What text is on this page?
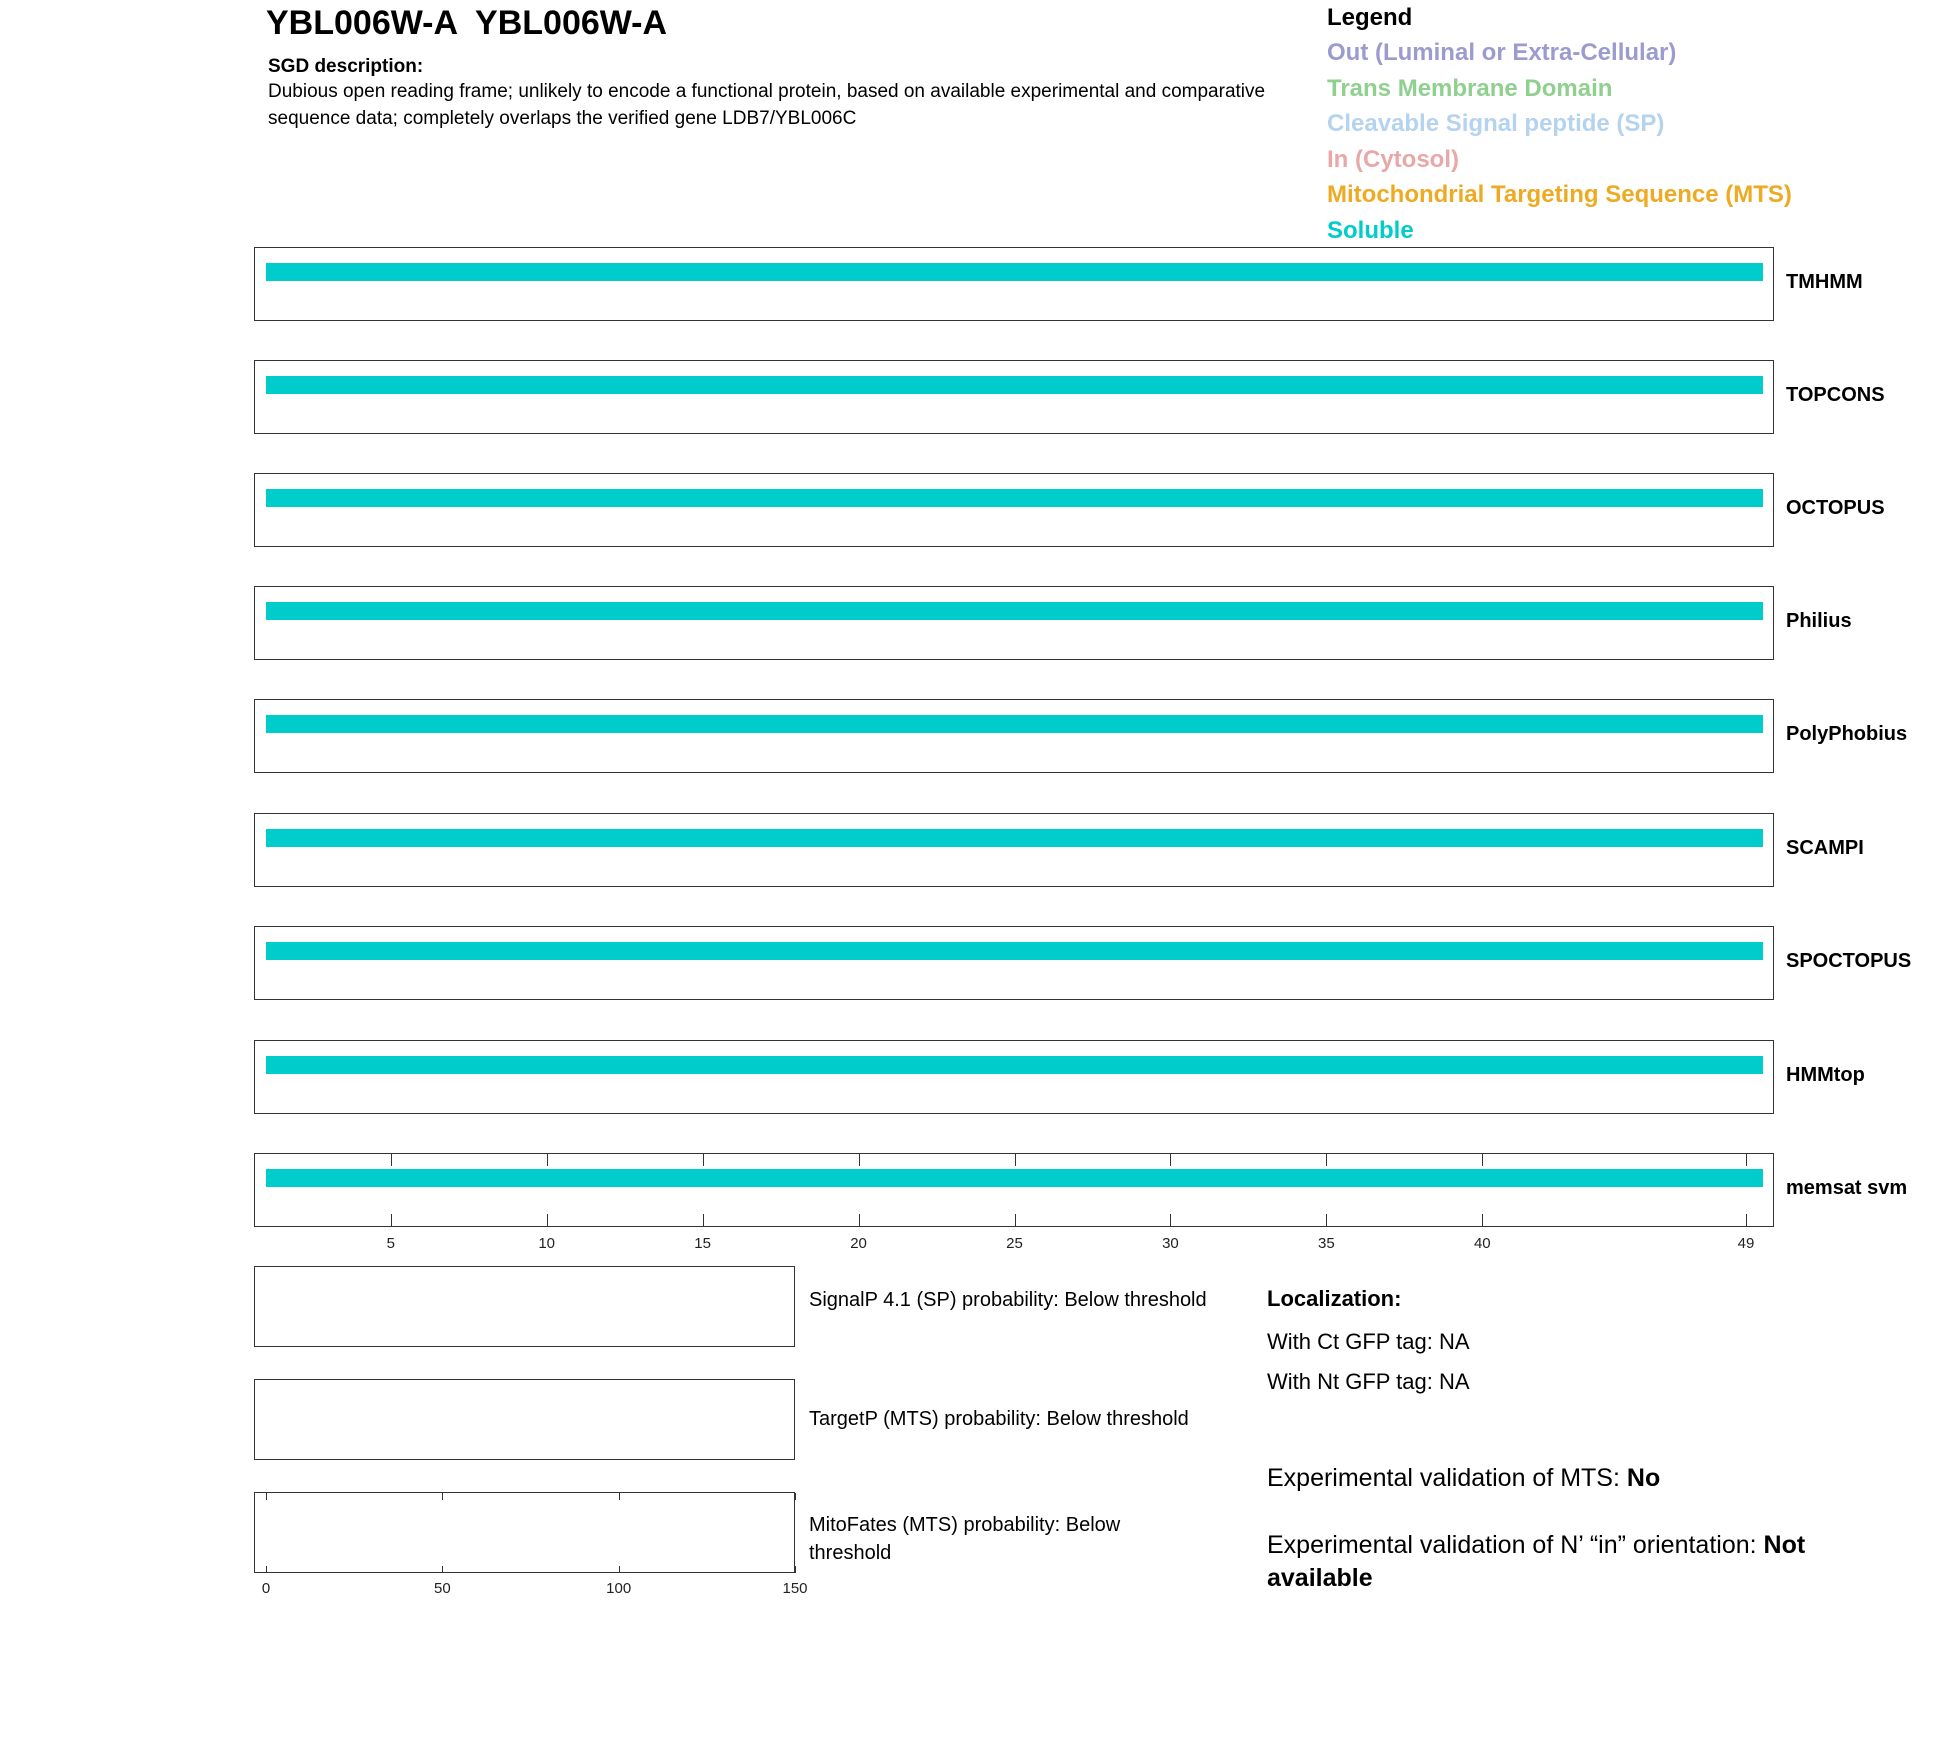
YBL006W-A  YBL006W-A
SGD description:
Dubious open reading frame; unlikely to encode a functional protein, based on available experimental and comparative sequence data; completely overlaps the verified gene LDB7/YBL006C
Legend
Out (Luminal or Extra-Cellular)
Trans Membrane Domain
Cleavable Signal peptide (SP)
In (Cytosol)
Mitochondrial Targeting Sequence (MTS)
Soluble
TMHMM
TOPCONS
OCTOPUS
Philius
PolyPhobius
SCAMPI
SPOCTOPUS
HMMtop
memsat svm
5	10	15	20	25	30	35	40	49
SignalP 4.1 (SP) probability: Below threshold
TargetP (MTS) probability: Below threshold
MitoFates (MTS) probability: Below threshold
0	50	100	150
Localization:
With Ct GFP tag: NA
With Nt GFP tag: NA
Experimental validation of MTS: No
Experimental validation of N’ “in” orientation: Not available
